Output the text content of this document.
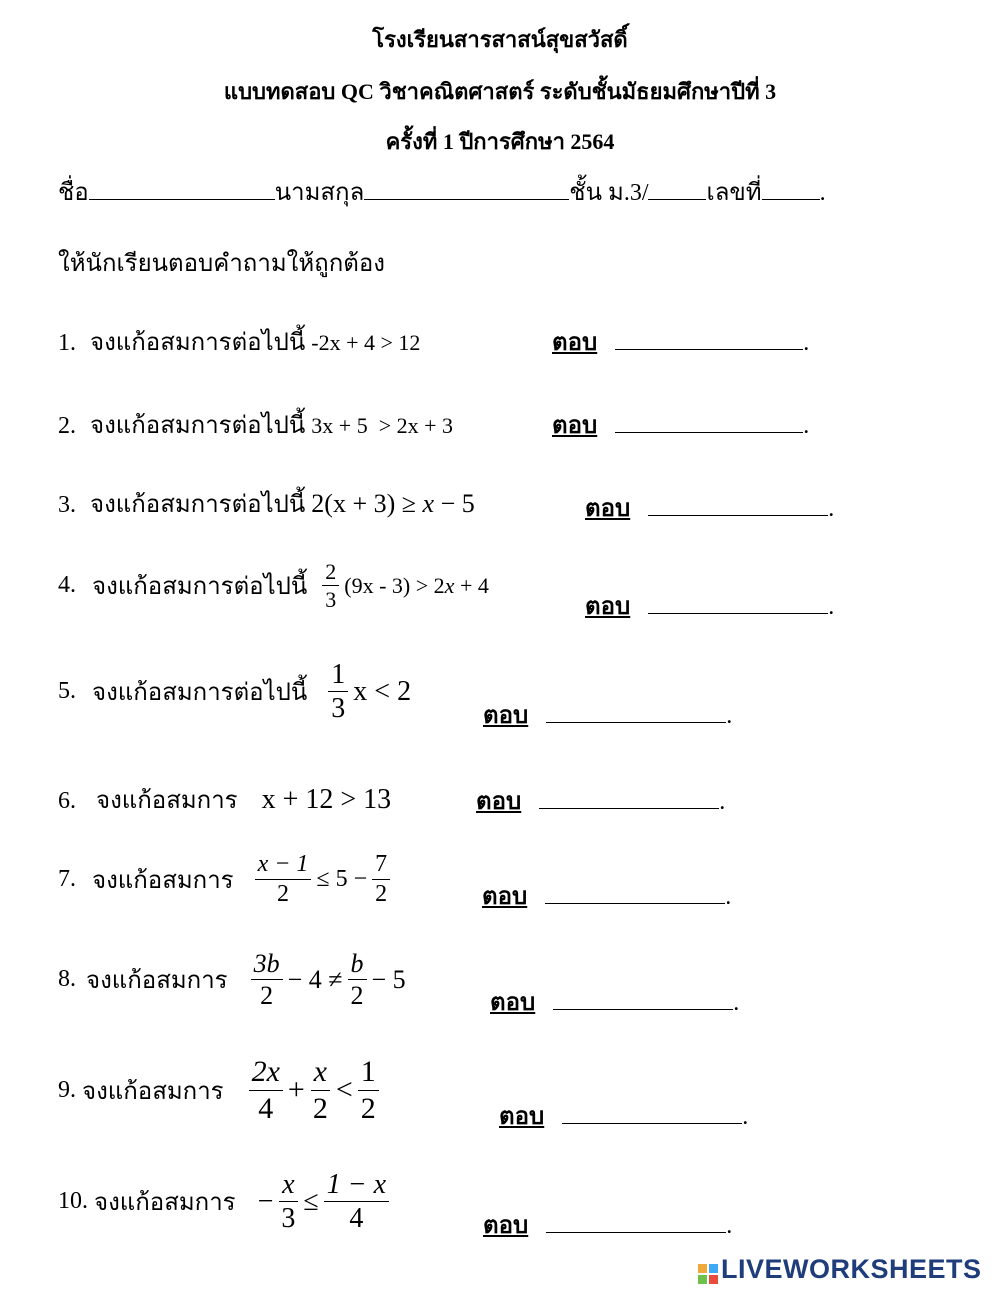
โรงเรียนสารสาสน์สุขสวัสดิ์
แบบทดสอบ QC วิชาคณิตศาสตร์ ระดับชั้นมัธยมศึกษาปีที่ 3
ครั้งที่ 1 ปีการศึกษา 2564
ชื่อ	นามสกุล	ชั้น ม.3/ เลขที่ .
ให้นักเรียนตอบคำถามให้ถูกต้อง
1. จงแก้อสมการต่อไปนี้ -2x + 4 > 12	ตอบ	.
2. จงแก้อสมการต่อไปนี้ 3x + 5  > 2x + 3	ตอบ	.
3. จงแก้อสมการต่อไปนี้ 2(x + 3) ≥ x − 5	ตอบ	.
4. จงแก้อสมการต่อไปนี้ $\frac{2}{3} (9x - 3) > 2x + 4$
ตอบ	.
5. จงแก้อสมการต่อไปนี้ $\frac{1}{3}$ x < 2
ตอบ	.
6. จงแก้อสมการ x + 12 > 13	ตอบ	.
7. จงแก้อสมการ $\frac{x - 1}{2} \le 5 - \frac{7}{2}$	ตอบ	.
8. จงแก้อสมการ $\frac{3b}{2} - 4 \ne \frac{b}{2} - 5$
ตอบ	.
9. จงแก้อสมการ $\frac{2x}{4} + \frac{x}{2} < \frac{1}{2}$	ตอบ	.
10. จงแก้อสมการ − $\frac{x}{3} \le \frac{1 - x}{4}$	ตอบ	.
LIVEWORKSHEETS
